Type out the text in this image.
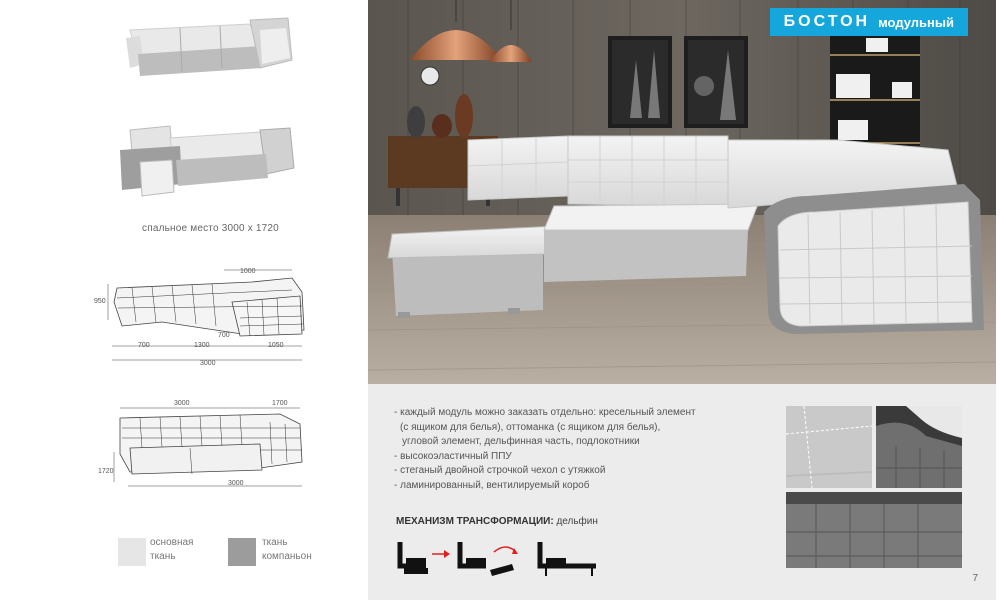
спальное место 3000 х 1720
1000
950
700	1300
700
1050
3000
3000	1700
1720
3000
основная
ткань
ткань
компаньон
БОСТОН модульный
- каждый модуль можно заказать отдельно: кресельный элемент
(с ящиком для белья), оттоманка (с ящиком для белья),
угловой элемент, дельфинная часть, подлокотники
- высокоэластичный ППУ
- стеганый двойной строчкой чехол с утяжкой
- ламинированный, вентилируемый короб
МЕХАНИЗМ ТРАНСФОРМАЦИИ: дельфин
7
